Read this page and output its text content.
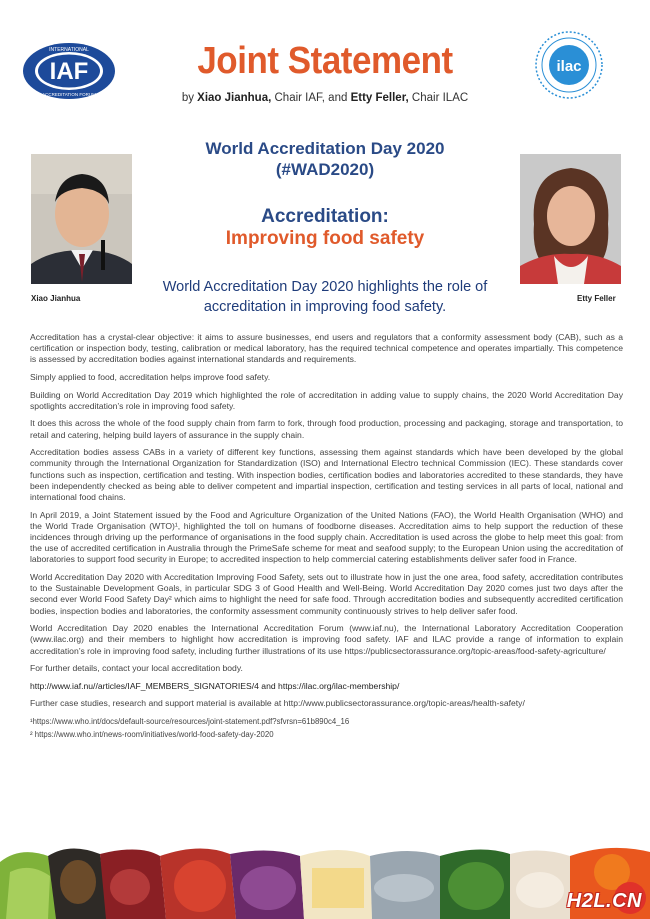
IAF
INTERNATIONAL
ACCREDITATION FORUM
Joint Statement
by Xiao Jianhua, Chair IAF, and Etty Feller, Chair ILAC
ilac
Xiao Jianhua	Etty Feller
World Accreditation Day 2020
(#WAD2020)
Accreditation:
Improving food safety
World Accreditation Day 2020 highlights the role of accreditation in improving food safety.

Accreditation has a crystal-clear objective: it aims to assure businesses, end users and regulators that a conformity assessment body (CAB), such as a certification or inspection body, testing, calibration or medical laboratory, has the required technical competence and operates impartially. This competence is assessed by accreditation bodies against international standards and requirements.

Simply applied to food, accreditation helps improve food safety.

Building on World Accreditation Day 2019 which highlighted the role of accreditation in adding value to supply chains, the 2020 World Accreditation Day spotlights accreditation’s role in improving food safety.

It does this across the whole of the food supply chain from farm to fork, through food production, processing and packaging, storage and transportation, to retail and catering, helping build layers of assurance in the supply chain.

Accreditation bodies assess CABs in a variety of different key functions, assessing them against standards which have been developed by the global community through the International Organization for Standardization (ISO) and International Electro technical Commission (IEC). These standards cover functions such as inspection, certification and testing. With inspection bodies, certification bodies and laboratories accredited to these standards, they have been independently checked as being able to deliver competent and impartial inspection, certification and testing services in all parts of local, national and international food chains.

In April 2019, a Joint Statement issued by the Food and Agriculture Organization of the United Nations (FAO), the World Health Organisation (WHO) and the World Trade Organisation (WTO)¹, highlighted the toll on humans of foodborne diseases. Accreditation aims to help support the reduction of these incidences through driving up the performance of organisations in the food supply chain. Accreditation is used across the globe to help meet this goal: from the use of accredited certification in Australia through the PrimeSafe scheme for meat and seafood supply; to the European Union using the accreditation of laboratories to support food security in Europe; to accredited inspection to help commercial catering establishments deliver safer food in France.

World Accreditation Day 2020 with Accreditation Improving Food Safety, sets out to illustrate how in just the one area, food safety, accreditation contributes to the Sustainable Development Goals, in particular SDG 3 of Good Health and Well-Being. World Accreditation Day 2020 comes just two days after the second ever World Food Safety Day² which aims to highlight the need for safe food. Through accreditation bodies and subsequently accredited certification bodies, inspection bodies and laboratories, the conformity assessment community continuously strives to help deliver safer food.

World Accreditation Day 2020 enables the International Accreditation Forum (www.iaf.nu), the International Laboratory Accreditation Cooperation (www.ilac.org) and their members to highlight how accreditation is improving food safety. IAF and ILAC provide a range of information to explain accreditation’s role in improving food safety, including further illustrations of its use https://publicsectorassurance.org/topic-areas/food-safety-agriculture/

For further details, contact your local accreditation body.

http://www.iaf.nu//articles/IAF_MEMBERS_SIGNATORIES/4 and https://ilac.org/ilac-membership/

Further case studies, research and support material is available at http://www.publicsectorassurance.org/topic-areas/health-safety/

¹https://www.who.int/docs/default-source/resources/joint-statement.pdf?sfvrsn=61b890c4_16

² https://www.who.int/news-room/initiatives/world-food-safety-day-2020

H2L.CN
